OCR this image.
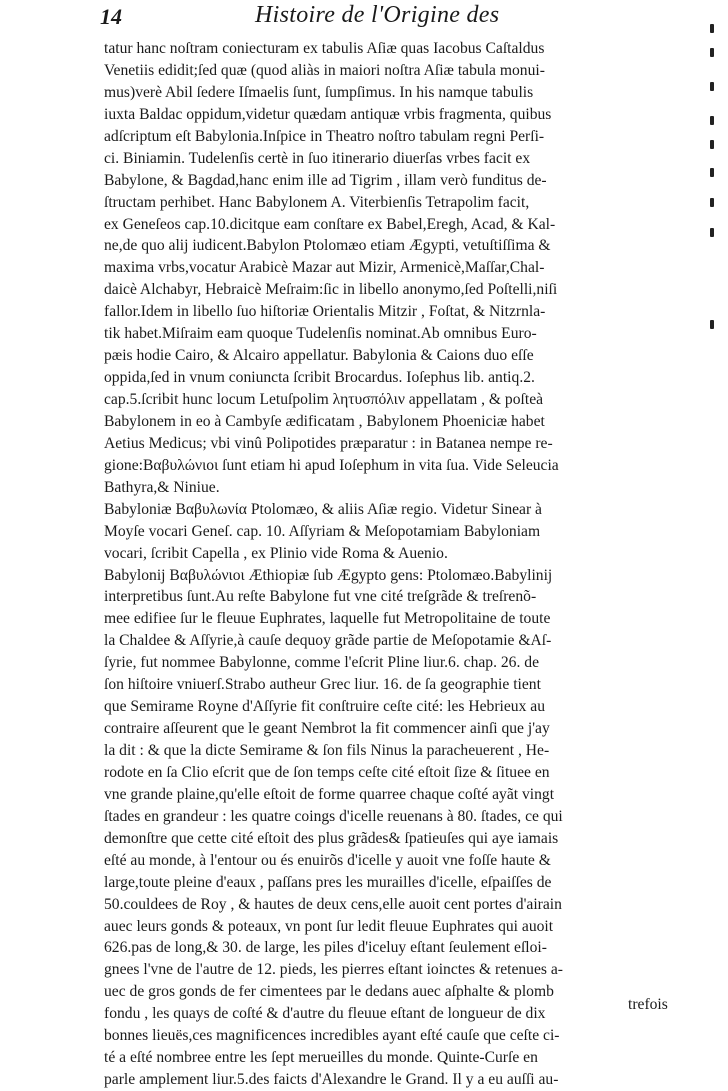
14	Histoire de l'Origine des
tatur hanc noſtram coniecturam ex tabulis Aſiæ quas Iacobus Caſtaldus
Venetiis edidit;ſed quæ (quod aliàs in maiori noſtra Aſiæ tabula monui-
mus)verè Abil ſedere Iſmaelis ſunt, ſumpſimus. In his namque tabulis
iuxta Baldac oppidum,videtur quædam antiquæ vrbis fragmenta, quibus
adſcriptum eſt Babylonia.Inſpice in Theatro noſtro tabulam regni Perſi-
ci. Biniamin. Tudelenſis certè in ſuo itinerario diuerſas vrbes facit ex
Babylone, & Bagdad,hanc enim ille ad Tigrim , illam verò funditus de-
ſtructam perhibet. Hanc Babylonem A. Viterbienſis Tetrapolim facit,
ex Geneſeos cap.10.dicitque eam conſtare ex Babel,Eregh, Acad, & Kal-
ne,de quo alij iudicent.Babylon Ptolomæo etiam Ægypti, vetuſtiſſima &
maxima vrbs,vocatur Arabicè Mazar aut Mizir, Armenicè,Maſſar,Chal-
daicè Alchabyr, Hebraicè Meſraim:ſic in libello anonymo,ſed Poſtelli,niſi
fallor.Idem in libello ſuo hiſtoriæ Orientalis Mitzir , Foſtat, & Nitzrnla-
tik habet.Miſraim eam quoque Tudelenſis nominat.Ab omnibus Euro-
pæis hodie Cairo, & Alcairo appellatur. Babylonia & Caions duo eſſe
oppida,ſed in vnum coniuncta ſcribit Brocardus. Ioſephus lib. antiq.2.
cap.5.ſcribit hunc locum Letuſpolim λητυσπόλιν appellatam , & poſteà
Babylonem in eo à Cambyſe ædificatam , Babylonem Phoeniciæ habet
Aetius Medicus; vbi vinû Polipotides præparatur : in Batanea nempe re-
gione:Βαβυλώνιοι ſunt etiam hi apud Ioſephum in vita ſua. Vide Seleucia
Bathyra,& Niniue.
Babyloniæ Βαβυλωνία Ptolomæo, & aliis Aſiæ regio. Videtur Sinear à
Moyſe vocari Geneſ. cap. 10. Aſſyriam & Meſopotamiam Babyloniam
vocari, ſcribit Capella , ex Plinio vide Roma & Auenio.
Babylonij Βαβυλώνιοι Æthiopiæ ſub Ægypto gens: Ptolomæo.Babylinij
interpretibus ſunt.Au reſte Babylone fut vne cité treſgrãde & treſrenõ-
mee edifiee ſur le fleuue Euphrates, laquelle fut Metropolitaine de toute
la Chaldee & Aſſyrie,à cauſe dequoy grãde partie de Meſopotamie &Aſ-
ſyrie, fut nommee Babylonne, comme l'eſcrit Pline liur.6. chap. 26. de
ſon hiſtoire vniuerſ.Strabo autheur Grec liur. 16. de ſa geographie tient
que Semirame Royne d'Aſſyrie fit conſtruire ceſte cité: les Hebrieux au
contraire aſſeurent que le geant Nembrot la fit commencer ainſi que j'ay
la dit : & que la dicte Semirame & ſon fils Ninus la paracheuerent , He-
rodote en ſa Clio eſcrit que de ſon temps ceſte cité eſtoit ſize & ſituee en
vne grande plaine,qu'elle eſtoit de forme quarree chaque coſté ayãt vingt
ſtades en grandeur : les quatre coings d'icelle reuenans à 80. ſtades, ce qui
demonſtre que cette cité eſtoit des plus grãdes& ſpatieuſes qui aye iamais
eſté au monde, à l'entour ou és enuirõs d'icelle y auoit vne foſſe haute &
large,toute pleine d'eaux , paſſans pres les murailles d'icelle, eſpaiſſes de
50.couldees de Roy , & hautes de deux cens,elle auoit cent portes d'airain
auec leurs gonds & poteaux, vn pont ſur ledit fleuue Euphrates qui auoit
626.pas de long,& 30. de large, les piles d'iceluy eſtant ſeulement eſloi-
gnees l'vne de l'autre de 12. pieds, les pierres eſtant ioinctes & retenues a-
uec de gros gonds de fer cimentees par le dedans auec aſphalte & plomb
fondu , les quays de coſté & d'autre du fleuue eſtant de longueur de dix
bonnes lieuës,ces magnificences incredibles ayant eſté cauſe que ceſte ci-
té a eſté nombree entre les ſept merueilles du monde. Quinte-Curſe en
parle amplement liur.5.des faicts d'Alexandre le Grand. Il y a eu auſſi au-
trefois
